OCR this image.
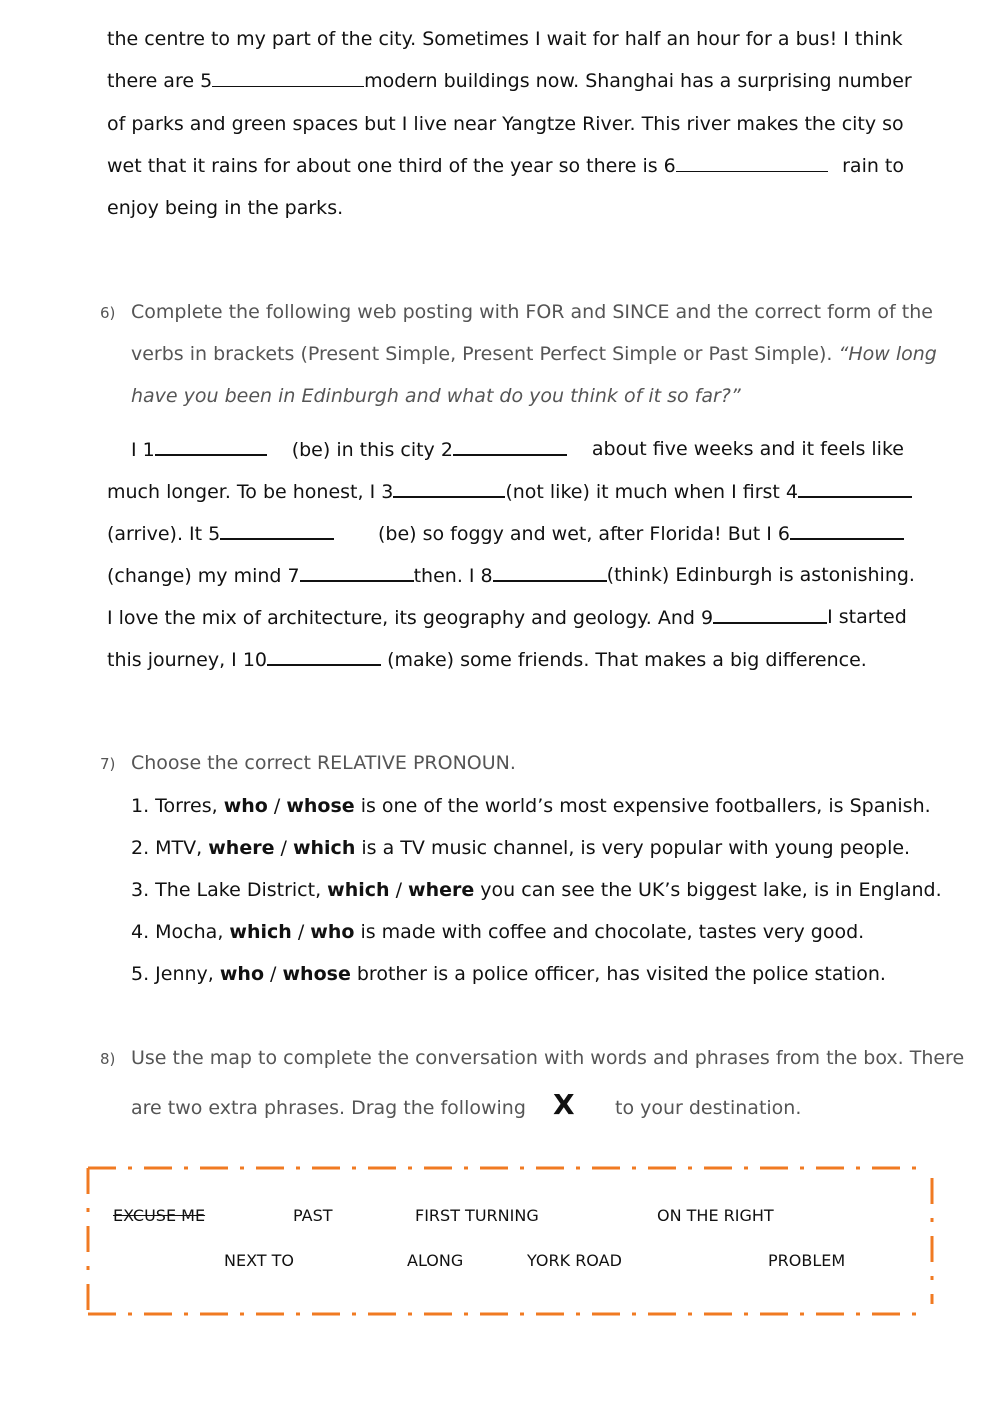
the centre to my part of the city. Sometimes I wait for half an hour for a bus! I think
there are 5	modern buildings now. Shanghai has a surprising number
of parks and green spaces but I live near Yangtze River. This river makes the city so
wet that it rains for about one third of the year so there is 6	rain to
enjoy being in the parks.
6) Complete the following web posting with FOR and SINCE and the correct form of the
verbs in brackets (Present Simple, Present Perfect Simple or Past Simple). “How long
have you been in Edinburgh and what do you think of it so far?”
I 1	(be) in this city 2	about five weeks and it feels like
much longer. To be honest, I 3	(not like) it much when I first 4
(arrive). It 5	(be) so foggy and wet, after Florida! But I 6
(change) my mind 7	then. I 8	(think) Edinburgh is astonishing.
I love the mix of architecture, its geography and geology. And 9	I started
this journey, I 10	(make) some friends. That makes a big difference.
7) Choose the correct RELATIVE PRONOUN.
1. Torres, who / whose is one of the world’s most expensive footballers, is Spanish.
2. MTV, where / which is a TV music channel, is very popular with young people.
3. The Lake District, which / where you can see the UK’s biggest lake, is in England.
4. Mocha, which / who is made with coffee and chocolate, tastes very good.
5. Jenny, who / whose brother is a police officer, has visited the police station.
8) Use the map to complete the conversation with words and phrases from the box. There
are two extra phrases. Drag the following X to your destination.
EXCUSE ME	PAST	FIRST TURNING	ON THE RIGHT
NEXT TO	ALONG	YORK ROAD	PROBLEM
